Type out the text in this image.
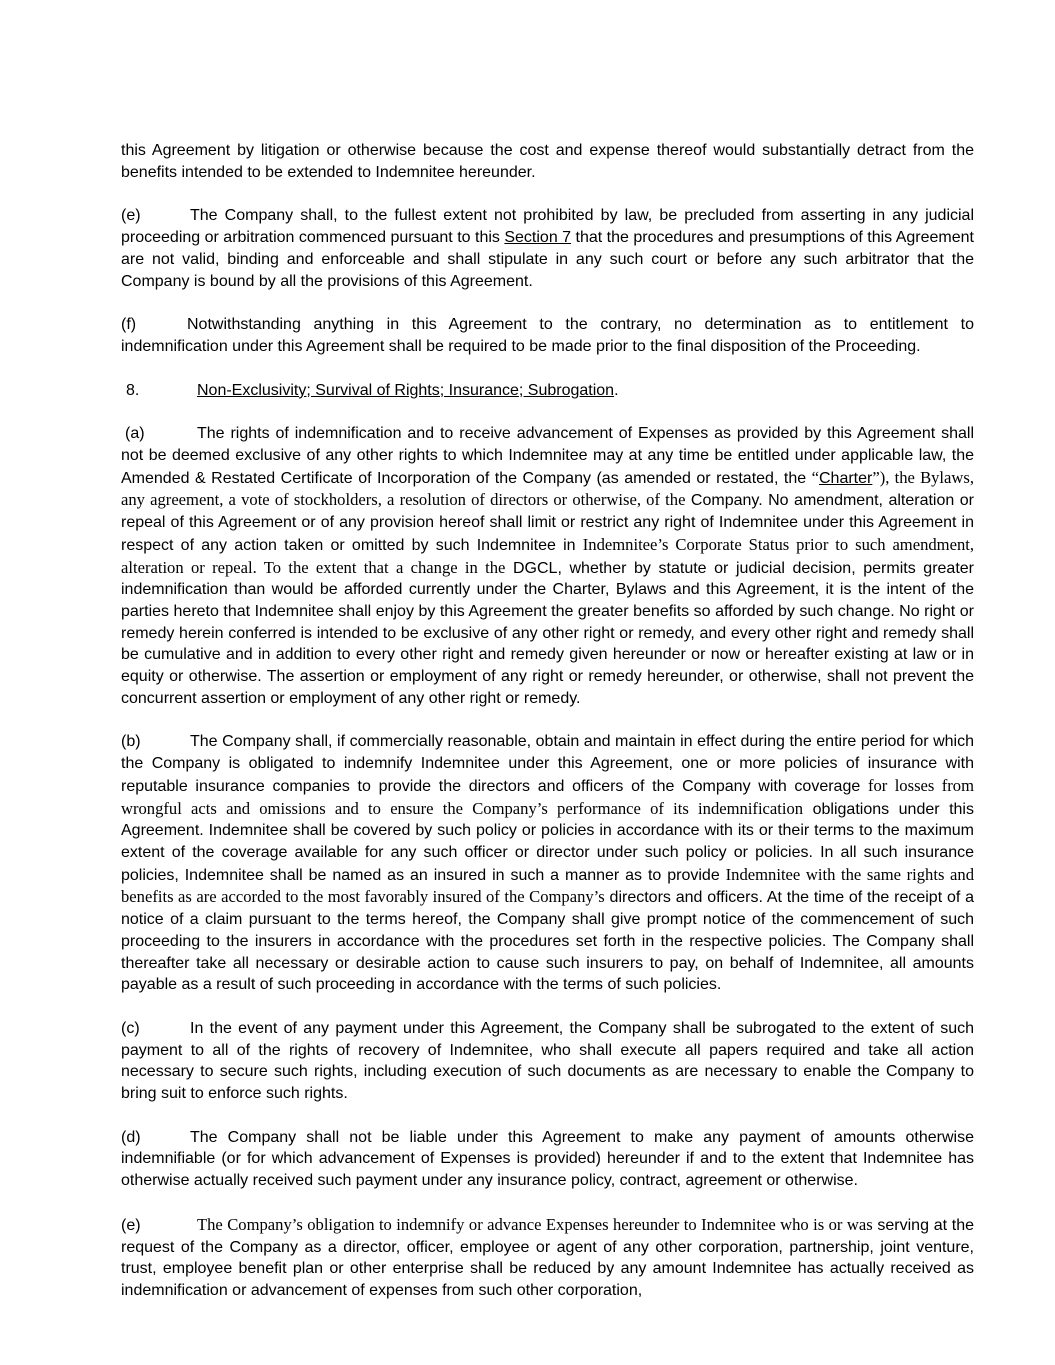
this Agreement by litigation or otherwise because the cost and expense thereof would substantially detract from the benefits intended to be extended to Indemnitee hereunder.

(e)	The Company shall, to the fullest extent not prohibited by law, be precluded from asserting in any judicial proceeding or arbitration commenced pursuant to this Section 7 that the procedures and presumptions of this Agreement are not valid, binding and enforceable and shall stipulate in any such court or before any such arbitrator that the Company is bound by all the provisions of this Agreement.

(f)	Notwithstanding anything in this Agreement to the contrary, no determination as to entitlement to indemnification under this Agreement shall be required to be made prior to the final disposition of the Proceeding.

8.	Non-Exclusivity; Survival of Rights; Insurance; Subrogation.

(a)	The rights of indemnification and to receive advancement of Expenses as provided by this Agreement shall not be deemed exclusive of any other rights to which Indemnitee may at any time be entitled under applicable law, the Amended & Restated Certificate of Incorporation of the Company (as amended or restated, the “Charter”), the Bylaws, any agreement, a vote of stockholders, a resolution of directors or otherwise, of the Company. No amendment, alteration or repeal of this Agreement or of any provision hereof shall limit or restrict any right of Indemnitee under this Agreement in respect of any action taken or omitted by such Indemnitee in Indemnitee’s Corporate Status prior to such amendment, alteration or repeal. To the extent that a change in the DGCL, whether by statute or judicial decision, permits greater indemnification than would be afforded currently under the Charter, Bylaws and this Agreement, it is the intent of the parties hereto that Indemnitee shall enjoy by this Agreement the greater benefits so afforded by such change. No right or remedy herein conferred is intended to be exclusive of any other right or remedy, and every other right and remedy shall be cumulative and in addition to every other right and remedy given hereunder or now or hereafter existing at law or in equity or otherwise. The assertion or employment of any right or remedy hereunder, or otherwise, shall not prevent the concurrent assertion or employment of any other right or remedy.

(b)	The Company shall, if commercially reasonable, obtain and maintain in effect during the entire period for which the Company is obligated to indemnify Indemnitee under this Agreement, one or more policies of insurance with reputable insurance companies to provide the directors and officers of the Company with coverage for losses from wrongful acts and omissions and to ensure the Company’s performance of its indemnification obligations under this Agreement. Indemnitee shall be covered by such policy or policies in accordance with its or their terms to the maximum extent of the coverage available for any such officer or director under such policy or policies. In all such insurance policies, Indemnitee shall be named as an insured in such a manner as to provide Indemnitee with the same rights and benefits as are accorded to the most favorably insured of the Company’s directors and officers. At the time of the receipt of a notice of a claim pursuant to the terms hereof, the Company shall give prompt notice of the commencement of such proceeding to the insurers in accordance with the procedures set forth in the respective policies. The Company shall thereafter take all necessary or desirable action to cause such insurers to pay, on behalf of Indemnitee, all amounts payable as a result of such proceeding in accordance with the terms of such policies.

(c)	In the event of any payment under this Agreement, the Company shall be subrogated to the extent of such payment to all of the rights of recovery of Indemnitee, who shall execute all papers required and take all action necessary to secure such rights, including execution of such documents as are necessary to enable the Company to bring suit to enforce such rights.

(d)	The Company shall not be liable under this Agreement to make any payment of amounts otherwise indemnifiable (or for which advancement of Expenses is provided) hereunder if and to the extent that Indemnitee has otherwise actually received such payment under any insurance policy, contract, agreement or otherwise.

(e)	The Company’s obligation to indemnify or advance Expenses hereunder to Indemnitee who is or was serving at the request of the Company as a director, officer, employee or agent of any other corporation, partnership, joint venture, trust, employee benefit plan or other enterprise shall be reduced by any amount Indemnitee has actually received as indemnification or advancement of expenses from such other corporation,
